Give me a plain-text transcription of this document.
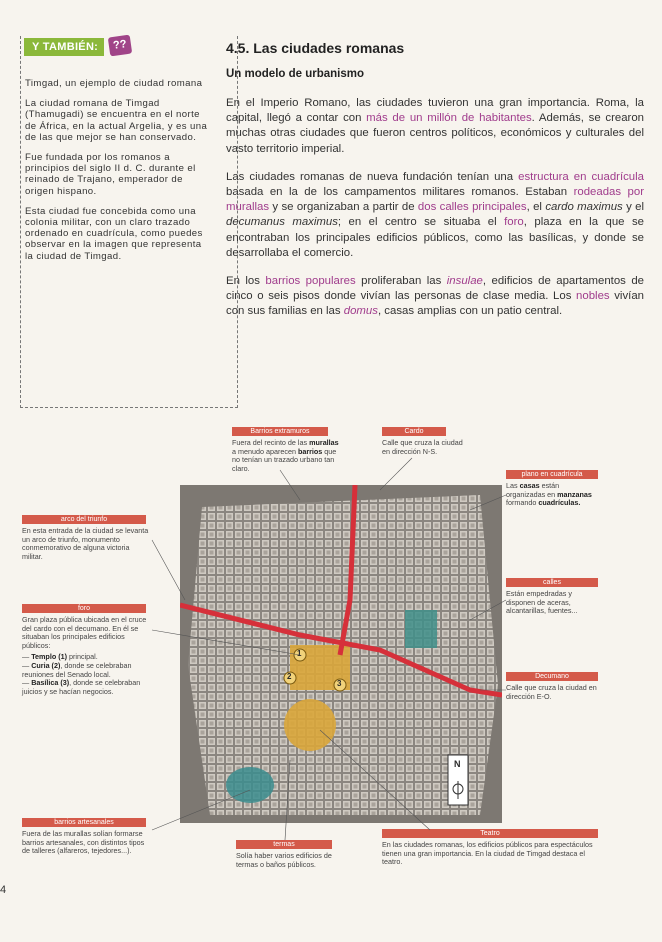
Y TAMBIÉN:	??

Timgad, un ejemplo de ciudad romana

La ciudad romana de Timgad (Thamugadi) se encuentra en el norte de África, en la actual Argelia, y es una de las que mejor se han conservado.

Fue fundada por los romanos a principios del siglo II d. C. durante el reinado de Trajano, emperador de origen hispano.

Esta ciudad fue concebida como una colonia militar, con un claro trazado ordenado en cuadrícula, como puedes observar en la imagen que representa la ciudad de Timgad.

4.5. Las ciudades romanas
Un modelo de urbanismo

En el Imperio Romano, las ciudades tuvieron una gran importancia. Roma, la capital, llegó a contar con más de un millón de habitantes. Además, se crearon muchas otras ciudades que fueron centros políticos, económicos y culturales del vasto territorio imperial.

Las ciudades romanas de nueva fundación tenían una estructura en cuadrícula basada en la de los campamentos militares romanos. Estaban rodeadas por murallas y se organizaban a partir de dos calles principales, el cardo maximus y el decumanus maximus; en el centro se situaba el foro, plaza en la que se encontraban los principales edificios públicos, como las basílicas, y donde se desarrollaba el comercio.

En los barrios populares proliferaban las insulae, edificios de apartamentos de cinco o seis pisos donde vivían las personas de clase media. Los nobles vivían con sus familias en las domus, casas amplias con un patio central.

1
2
3
N
Barrios extramuros
Fuera del recinto de las murallas a menudo aparecen barrios que no tenían un trazado urbano tan claro.
Cardo
Calle que cruza la ciudad en dirección N-S.
plano en cuadrícula
Las casas están organizadas en manzanas formando cuadrículas.
calles
Están empedradas y disponen de aceras, alcantarillas, fuentes...
Decumano
Calle que cruza la ciudad en dirección E-O.
arco del triunfo
En esta entrada de la ciudad se levanta un arco de triunfo, monumento conmemorativo de alguna victoria militar.
foro
Gran plaza pública ubicada en el cruce del cardo con el decumano. En él se situaban los principales edificios públicos:
— Templo (1) principal.
— Curia (2), donde se celebraban reuniones del Senado local.
— Basílica (3), donde se celebraban juicios y se hacían negocios.
barrios artesanales
Fuera de las murallas solían formarse barrios artesanales, con distintos tipos de talleres (alfareros, tejedores...).
termas
Solía haber varios edificios de termas o baños públicos.
Teatro
En las ciudades romanas, los edificios públicos para espectáculos tienen una gran importancia. En la ciudad de Timgad destaca el teatro.
4
